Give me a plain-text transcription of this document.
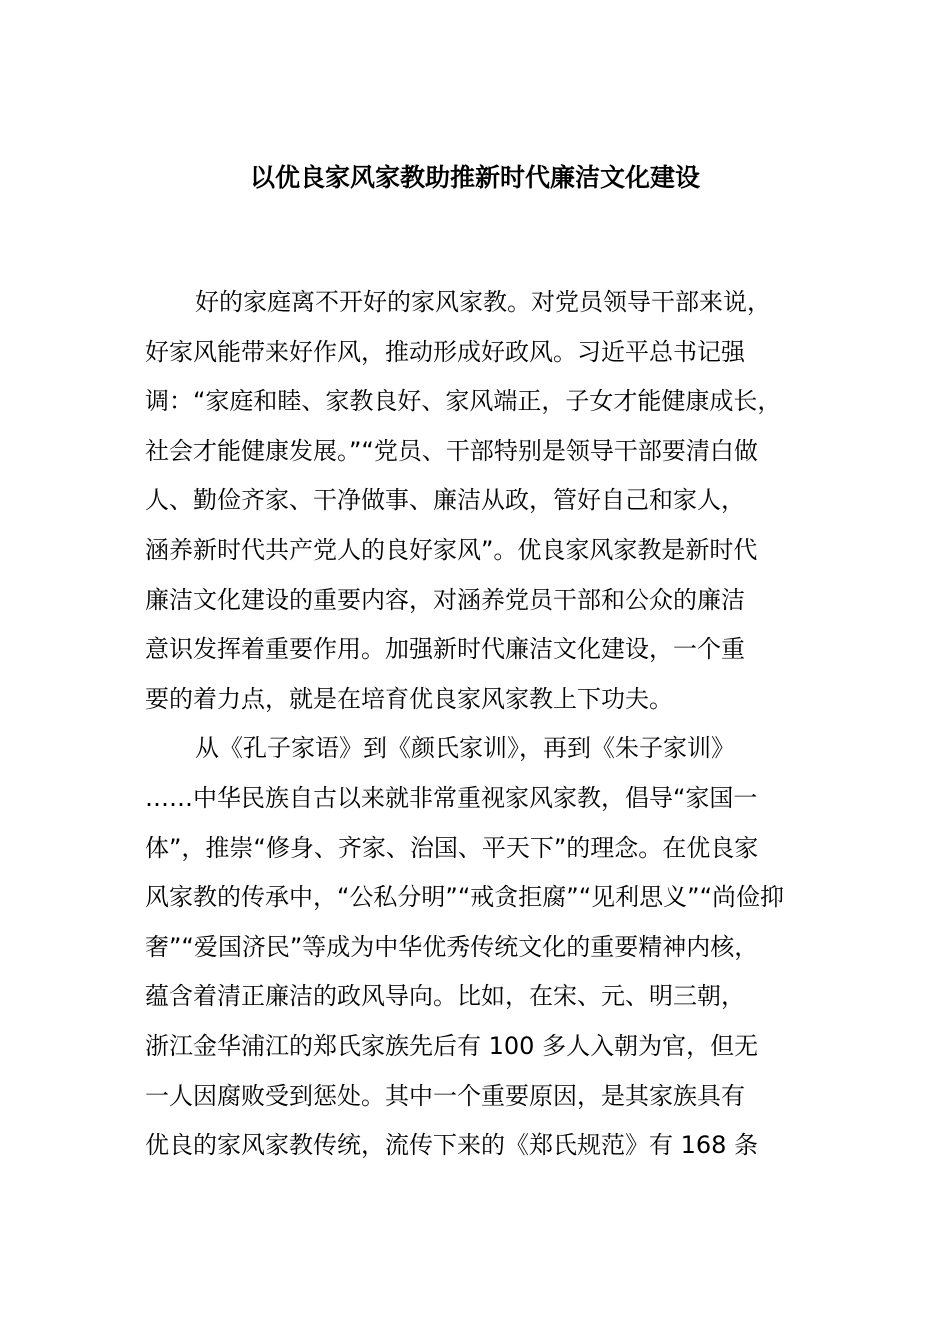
以优良家风家教助推新时代廉洁文化建设
好的家庭离不开好的家风家教。对党员领导干部来说，
好家风能带来好作风，推动形成好政风。习近平总书记强
调：“家庭和睦、家教良好、家风端正，子女才能健康成长，
社会才能健康发展。”“党员、干部特别是领导干部要清白做
人、勤俭齐家、干净做事、廉洁从政，管好自己和家人，
涵养新时代共产党人的良好家风”。优良家风家教是新时代
廉洁文化建设的重要内容，对涵养党员干部和公众的廉洁
意识发挥着重要作用。加强新时代廉洁文化建设，一个重
要的着力点，就是在培育优良家风家教上下功夫。
从《孔子家语》到《颜氏家训》，再到《朱子家训》
……中华民族自古以来就非常重视家风家教，倡导“家国一
体”，推崇“修身、齐家、治国、平天下”的理念。在优良家
风家教的传承中，“公私分明”“戒贪拒腐”“见利思义”“尚俭抑
奢”“爱国济民”等成为中华优秀传统文化的重要精神内核，
蕴含着清正廉洁的政风导向。比如，在宋、元、明三朝，
浙江金华浦江的郑氏家族先后有 100 多人入朝为官，但无
一人因腐败受到惩处。其中一个重要原因，是其家族具有
优良的家风家教传统，流传下来的《郑氏规范》有 168 条
